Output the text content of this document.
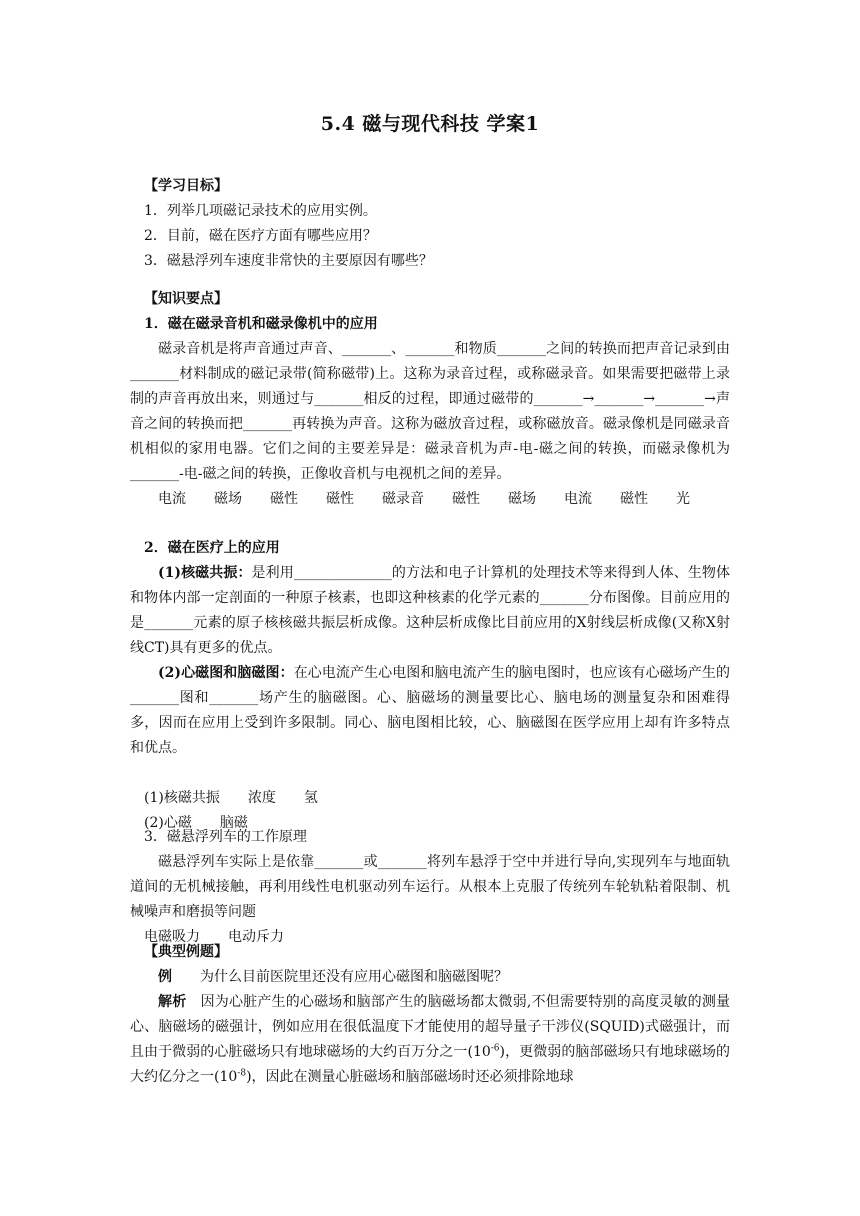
5.4 磁与现代科技 学案1
【学习目标】
1．列举几项磁记录技术的应用实例。
2．目前，磁在医疗方面有哪些应用？
3．磁悬浮列车速度非常快的主要原因有哪些？
【知识要点】
1．磁在磁录音机和磁录像机中的应用
磁录音机是将声音通过声音、_______、_______和物质_______之间的转换而把声音记录到由_______材料制成的磁记录带(简称磁带)上。这称为录音过程，或称磁录音。如果需要把磁带上录制的声音再放出来，则通过与_______相反的过程，即通过磁带的_______→_______→_______→声音之间的转换而把_______再转换为声音。这称为磁放音过程，或称磁放音。磁录像机是同磁录音机相似的家用电器。它们之间的主要差异是：磁录音机为声-电-磁之间的转换，而磁录像机为_______-电-磁之间的转换，正像收音机与电视机之间的差异。
电流 磁场 磁性 磁性 磁录音 磁性 磁场 电流 磁性 光
2．磁在医疗上的应用
(1)核磁共振：是利用______________的方法和电子计算机的处理技术等来得到人体、生物体和物体内部一定剖面的一种原子核素，也即这种核素的化学元素的_______分布图像。目前应用的是_______元素的原子核核磁共振层析成像。这种层析成像比目前应用的X射线层析成像(又称X射线CT)具有更多的优点。
(2)心磁图和脑磁图：在心电流产生心电图和脑电流产生的脑电图时，也应该有心磁场产生的_______图和_______场产生的脑磁图。心、脑磁场的测量要比心、脑电场的测量复杂和困难得多，因而在应用上受到许多限制。同心、脑电图相比较，心、脑磁图在医学应用上却有许多特点和优点。
(1)核磁共振　　浓度　　氢
(2)心磁　　脑磁
3．磁悬浮列车的工作原理
磁悬浮列车实际上是依靠_______或_______将列车悬浮于空中并进行导向,实现列车与地面轨道间的无机械接触，再利用线性电机驱动列车运行。从根本上克服了传统列车轮轨粘着限制、机械噪声和磨损等问题
电磁吸力　　电动斥力
【典型例题】
例　　 为什么目前医院里还没有应用心磁图和脑磁图呢？
解析　 因为心脏产生的心磁场和脑部产生的脑磁场都太微弱,不但需要特别的高度灵敏的测量心、脑磁场的磁强计，例如应用在很低温度下才能使用的超导量子干涉仪(SQUID)式磁强计，而且由于微弱的心脏磁场只有地球磁场的大约百万分之一$(10^{-6})$，更微弱的脑部磁场只有地球磁场的大约亿分之一$(10^{-8})$，因此在测量心脏磁场和脑部磁场时还必须排除地球
